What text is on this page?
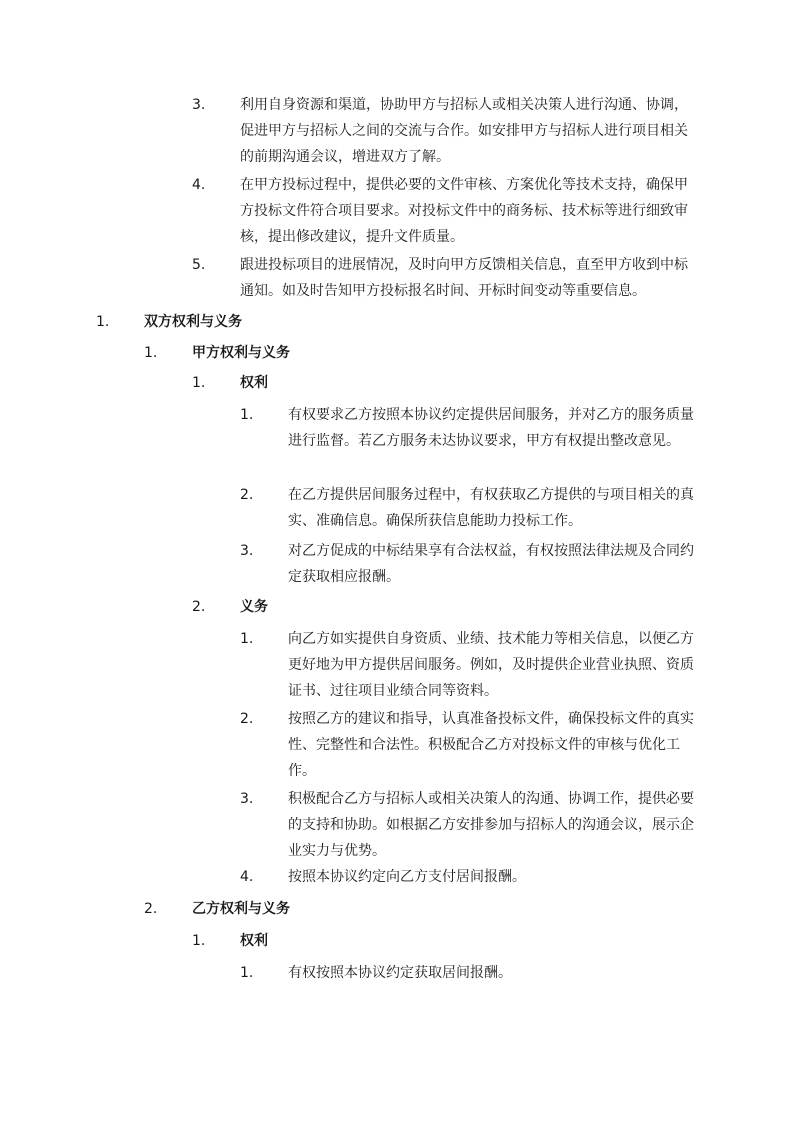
3. 利用自身资源和渠道，协助甲方与招标人或相关决策人进行沟通、协调，促进甲方与招标人之间的交流与合作。如安排甲方与招标人进行项目相关的前期沟通会议，增进双方了解。
4. 在甲方投标过程中，提供必要的文件审核、方案优化等技术支持，确保甲方投标文件符合项目要求。对投标文件中的商务标、技术标等进行细致审核，提出修改建议，提升文件质量。
5. 跟进投标项目的进展情况，及时向甲方反馈相关信息，直至甲方收到中标通知。如及时告知甲方投标报名时间、开标时间变动等重要信息。
1. 双方权利与义务
1. 甲方权利与义务
1. 权利
1. 有权要求乙方按照本协议约定提供居间服务，并对乙方的服务质量进行监督。若乙方服务未达协议要求，甲方有权提出整改意见。
2. 在乙方提供居间服务过程中，有权获取乙方提供的与项目相关的真实、准确信息。确保所获信息能助力投标工作。
3. 对乙方促成的中标结果享有合法权益，有权按照法律法规及合同约定获取相应报酬。
2. 义务
1. 向乙方如实提供自身资质、业绩、技术能力等相关信息，以便乙方更好地为甲方提供居间服务。例如，及时提供企业营业执照、资质证书、过往项目业绩合同等资料。
2. 按照乙方的建议和指导，认真准备投标文件，确保投标文件的真实性、完整性和合法性。积极配合乙方对投标文件的审核与优化工作。
3. 积极配合乙方与招标人或相关决策人的沟通、协调工作，提供必要的支持和协助。如根据乙方安排参加与招标人的沟通会议，展示企业实力与优势。
4. 按照本协议约定向乙方支付居间报酬。
2. 乙方权利与义务
1. 权利
1. 有权按照本协议约定获取居间报酬。
